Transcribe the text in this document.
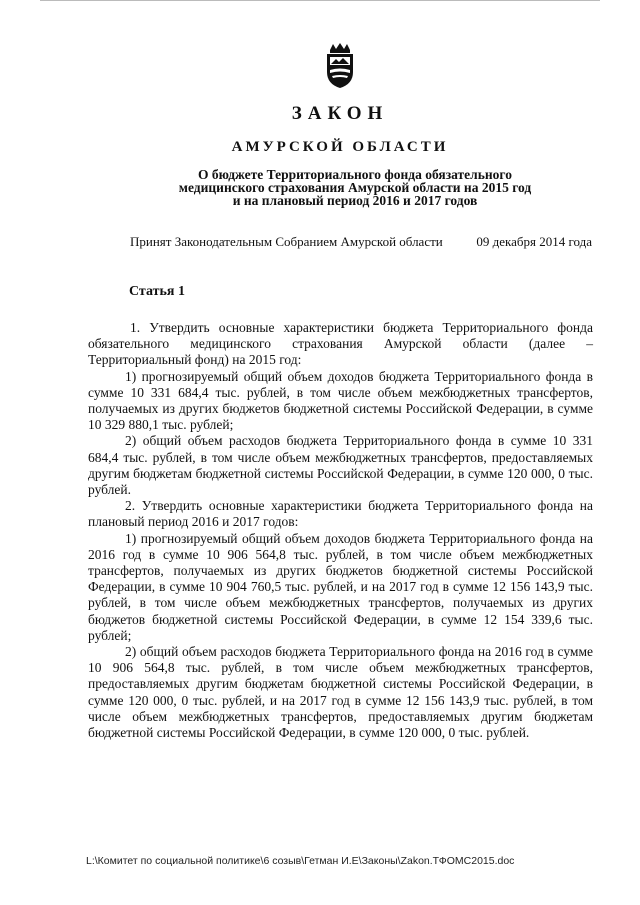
ЗАКОН
АМУРСКОЙ ОБЛАСТИ
О бюджете Территориального фонда обязательного
медицинского страхования Амурской области на 2015 год
и на плановый период 2016 и 2017 годов
Принят Законодательным Собранием Амурской области	09 декабря 2014 года
Статья 1

1. Утвердить основные характеристики бюджета Территориального фонда обязательного медицинского страхования Амурской области (далее – Территориальный фонд) на 2015 год:

1) прогнозируемый общий объем доходов бюджета Территориального фонда в сумме 10 331 684,4 тыс. рублей, в том числе объем межбюджетных трансфертов, получаемых из других бюджетов бюджетной системы Российской Федерации, в сумме 10 329 880,1 тыс. рублей;

2) общий объем расходов бюджета Территориального фонда в сумме 10 331 684,4 тыс. рублей, в том числе объем межбюджетных трансфертов, предоставляемых другим бюджетам бюджетной системы Российской Федерации, в сумме 120 000, 0 тыс. рублей.

2. Утвердить основные характеристики бюджета Территориального фонда на плановый период 2016 и 2017 годов:

1) прогнозируемый общий объем доходов бюджета Территориального фонда на 2016 год в сумме 10 906 564,8 тыс. рублей, в том числе объем межбюджетных трансфертов, получаемых из других бюджетов бюджетной системы Российской Федерации, в сумме 10 904 760,5 тыс. рублей, и на 2017 год в сумме 12 156 143,9 тыс. рублей, в том числе объем межбюджетных трансфертов, получаемых из других бюджетов бюджетной системы Российской Федерации, в сумме 12 154 339,6 тыс. рублей;

2) общий объем расходов бюджета Территориального фонда на 2016 год в сумме 10 906 564,8 тыс. рублей, в том числе объем межбюджетных трансфертов, предоставляемых другим бюджетам бюджетной системы Российской Федерации, в сумме 120 000, 0 тыс. рублей, и на 2017 год в сумме 12 156 143,9 тыс. рублей, в том числе объем межбюджетных трансфертов, предоставляемых другим бюджетам бюджетной системы Российской Федерации, в сумме 120 000, 0 тыс. рублей.

L:\Комитет по социальной политике\6 созыв\Гетман И.Е\Законы\Zakon.ТФОМС2015.doc
